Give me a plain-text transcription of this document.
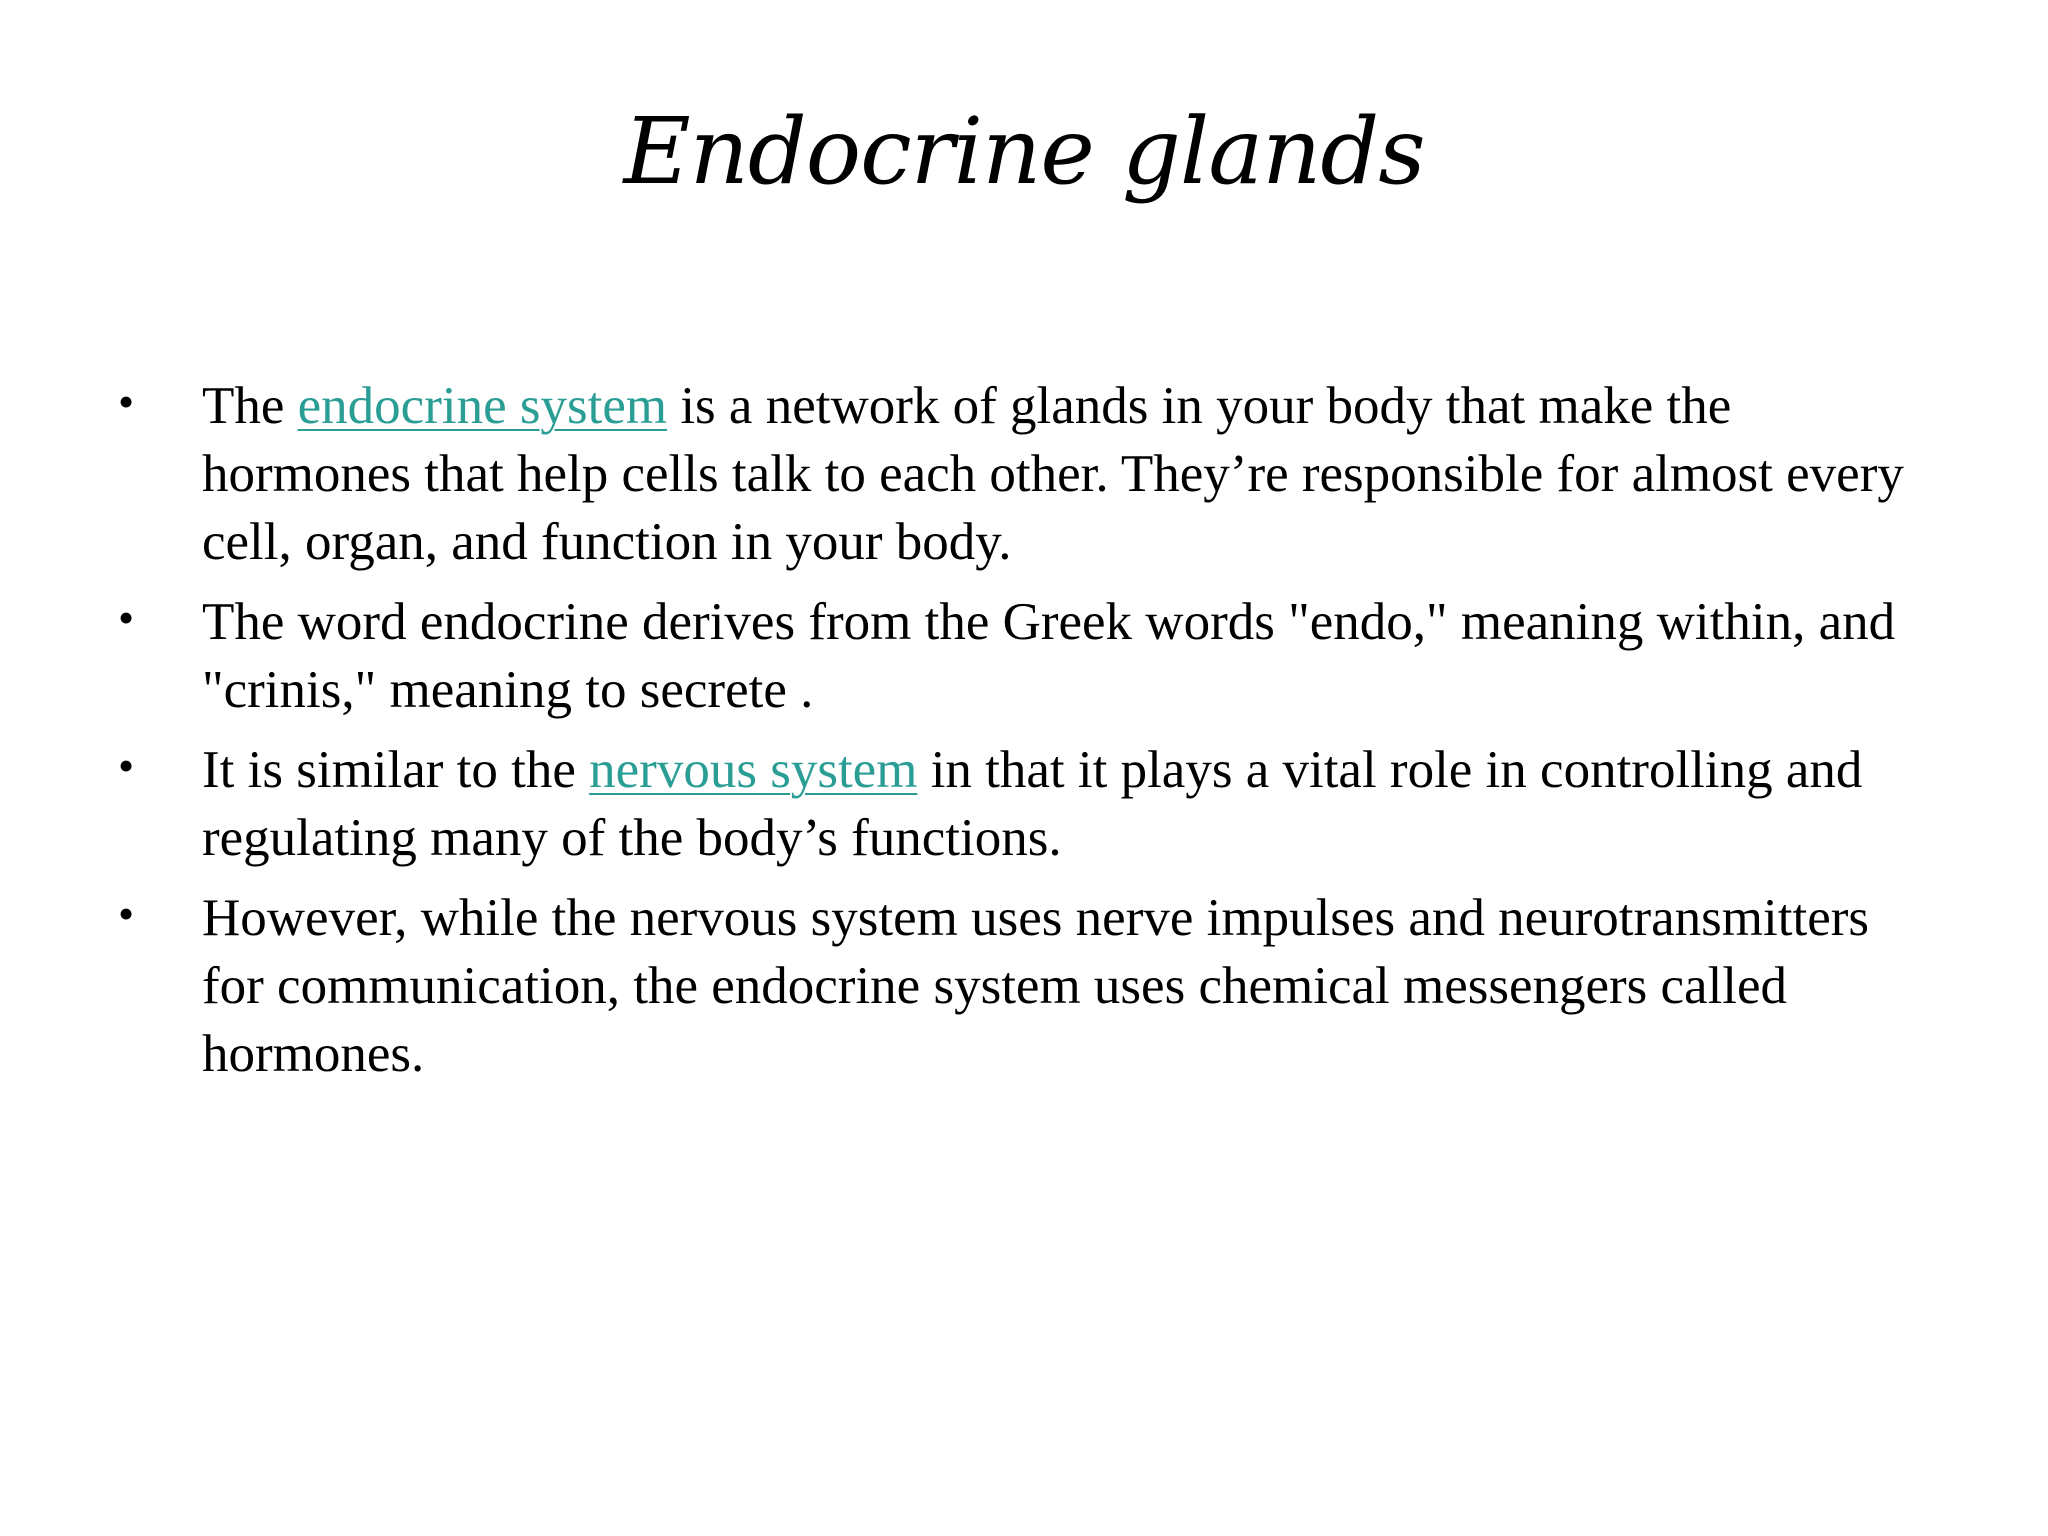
Endocrine glands
• The endocrine system is a network of glands in your body that make the hormones that help cells talk to each other. They’re responsible for almost every cell, organ, and function in your body.
• The word endocrine derives from the Greek words "endo," meaning within, and "crinis," meaning to secrete .
• It is similar to the nervous system in that it plays a vital role in controlling and regulating many of the body’s functions.
• However, while the nervous system uses nerve impulses and neurotransmitters for communication, the endocrine system uses chemical messengers called hormones.
